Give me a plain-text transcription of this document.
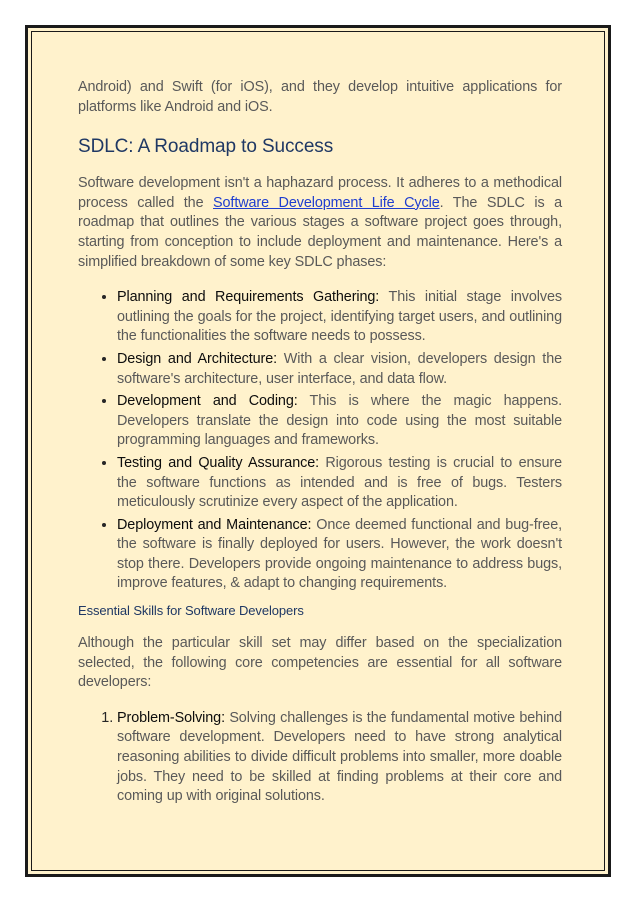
Android) and Swift (for iOS), and they develop intuitive applications for platforms like Android and iOS.

SDLC: A Roadmap to Success

Software development isn't a haphazard process. It adheres to a methodical process called the Software Development Life Cycle. The SDLC is a roadmap that outlines the various stages a software project goes through, starting from conception to include deployment and maintenance. Here's a simplified breakdown of some key SDLC phases:

• Planning and Requirements Gathering: This initial stage involves outlining the goals for the project, identifying target users, and outlining the functionalities the software needs to possess.
• Design and Architecture: With a clear vision, developers design the software's architecture, user interface, and data flow.
• Development and Coding: This is where the magic happens. Developers translate the design into code using the most suitable programming languages and frameworks.
• Testing and Quality Assurance: Rigorous testing is crucial to ensure the software functions as intended and is free of bugs. Testers meticulously scrutinize every aspect of the application.
• Deployment and Maintenance: Once deemed functional and bug-free, the software is finally deployed for users. However, the work doesn't stop there. Developers provide ongoing maintenance to address bugs, improve features, & adapt to changing requirements.
Essential Skills for Software Developers

Although the particular skill set may differ based on the specialization selected, the following core competencies are essential for all software developers:

1. Problem-Solving: Solving challenges is the fundamental motive behind software development. Developers need to have strong analytical reasoning abilities to divide difficult problems into smaller, more doable jobs. They need to be skilled at finding problems at their core and coming up with original solutions.
